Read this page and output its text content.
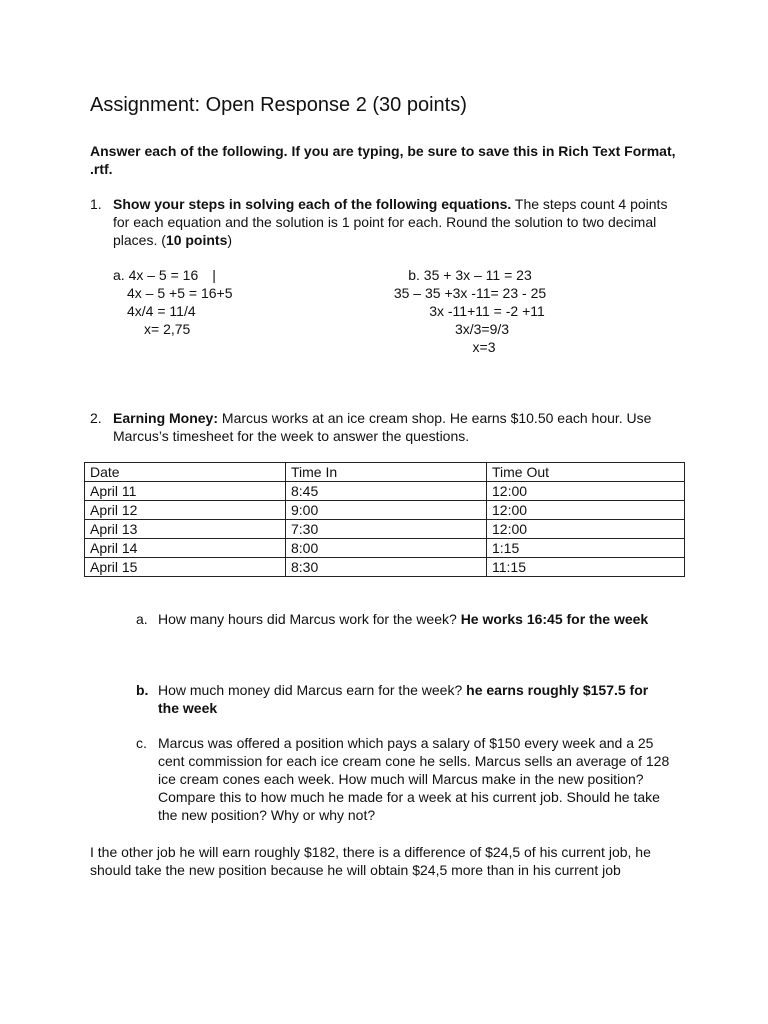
Assignment: Open Response 2 (30 points)
Answer each of the following. If you are typing, be sure to save this in Rich Text Format, .rtf.
1. Show your steps in solving each of the following equations. The steps count 4 points for each equation and the solution is 1 point for each. Round the solution to two decimal places. (10 points)
a. 4x – 5 = 16 |
4x – 5 +5 = 16+5
4x/4 = 11/4
x= 2,75
b. 35 + 3x – 11 = 23
35 – 35 +3x -11= 23 - 25
3x -11+11 = -2 +11
3x/3=9/3
x=3
2. Earning Money: Marcus works at an ice cream shop. He earns $10.50 each hour. Use Marcus’s timesheet for the week to answer the questions.
Date	Time In	Time Out
April 11	8:45	12:00
April 12	9:00	12:00
April 13	7:30	12:00
April 14	8:00	1:15
April 15	8:30	11:15
a. How many hours did Marcus work for the week? He works 16:45 for the week
b. How much money did Marcus earn for the week? he earns roughly $157.5 for the week
c. Marcus was offered a position which pays a salary of $150 every week and a 25 cent commission for each ice cream cone he sells. Marcus sells an average of 128 ice cream cones each week. How much will Marcus make in the new position? Compare this to how much he made for a week at his current job. Should he take the new position? Why or why not?
I the other job he will earn roughly $182, there is a difference of $24,5 of his current job, he should take the new position because he will obtain $24,5 more than in his current job
